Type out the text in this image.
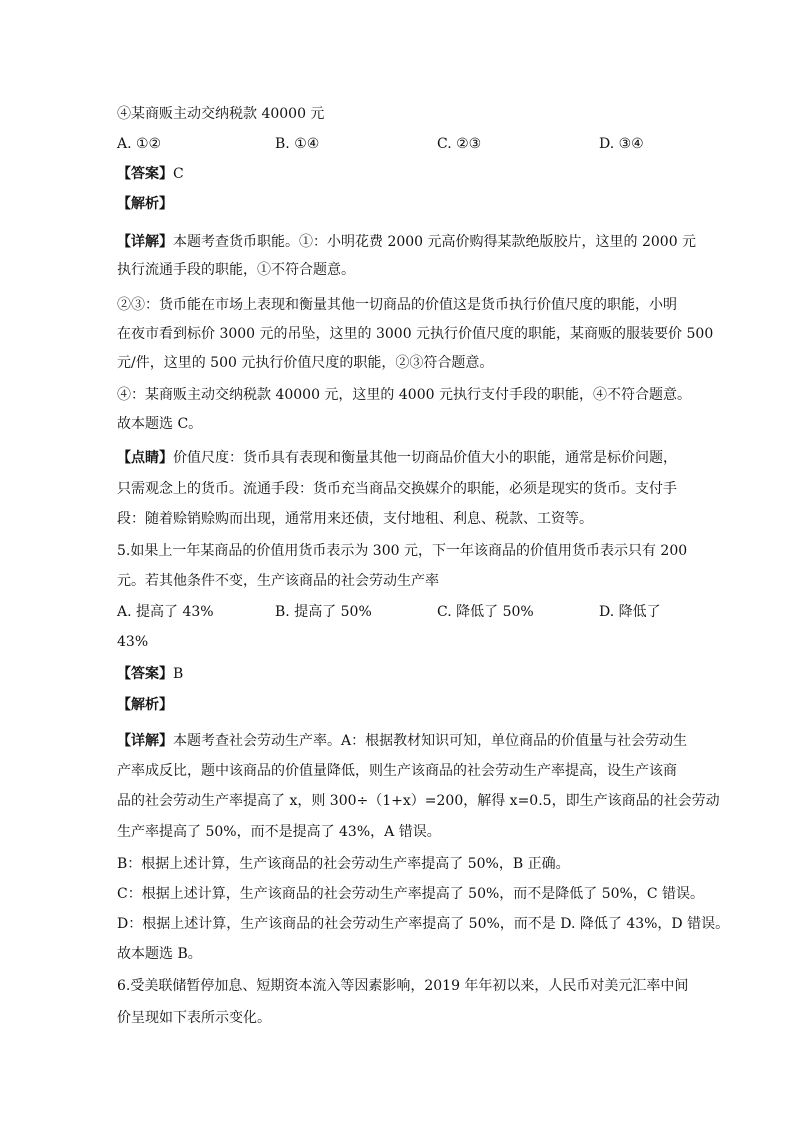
④某商贩主动交纳税款 40000 元
A. ①②	B. ①④	C. ②③	D. ③④
【答案】C
【解析】
【详解】本题考查货币职能。①：小明花费 2000 元高价购得某款绝版胶片，这里的 2000 元
执行流通手段的职能，①不符合题意。
②③：货币能在市场上表现和衡量其他一切商品的价值这是货币执行价值尺度的职能，小明
在夜市看到标价 3000 元的吊坠，这里的 3000 元执行价值尺度的职能，某商贩的服装要价 500
元/件，这里的 500 元执行价值尺度的职能，②③符合题意。
④：某商贩主动交纳税款 40000 元，这里的 4000 元执行支付手段的职能，④不符合题意。
故本题选 C。
【点睛】价值尺度：货币具有表现和衡量其他一切商品价值大小的职能，通常是标价问题，
只需观念上的货币。流通手段：货币充当商品交换媒介的职能，必须是现实的货币。支付手
段：随着赊销赊购而出现，通常用来还债，支付地租、利息、税款、工资等。
5.如果上一年某商品的价值用货币表示为 300 元，下一年该商品的价值用货币表示只有 200
元。若其他条件不变，生产该商品的社会劳动生产率
A. 提高了 43%	B. 提高了 50%	C. 降低了 50%	D. 降低了
43%
【答案】B
【解析】
【详解】本题考查社会劳动生产率。A：根据教材知识可知，单位商品的价值量与社会劳动生
产率成反比，题中该商品的价值量降低，则生产该商品的社会劳动生产率提高，设生产该商
品的社会劳动生产率提高了 x，则 300÷（1+x）=200，解得 x=0.5，即生产该商品的社会劳动
生产率提高了 50%，而不是提高了 43%，A 错误。
B：根据上述计算，生产该商品的社会劳动生产率提高了 50%，B 正确。
C：根据上述计算，生产该商品的社会劳动生产率提高了 50%，而不是降低了 50%，C 错误。
D：根据上述计算，生产该商品的社会劳动生产率提高了 50%，而不是 D. 降低了 43%，D 错误。
故本题选 B。
6.受美联储暂停加息、短期资本流入等因素影响，2019 年年初以来，人民币对美元汇率中间
价呈现如下表所示变化。
